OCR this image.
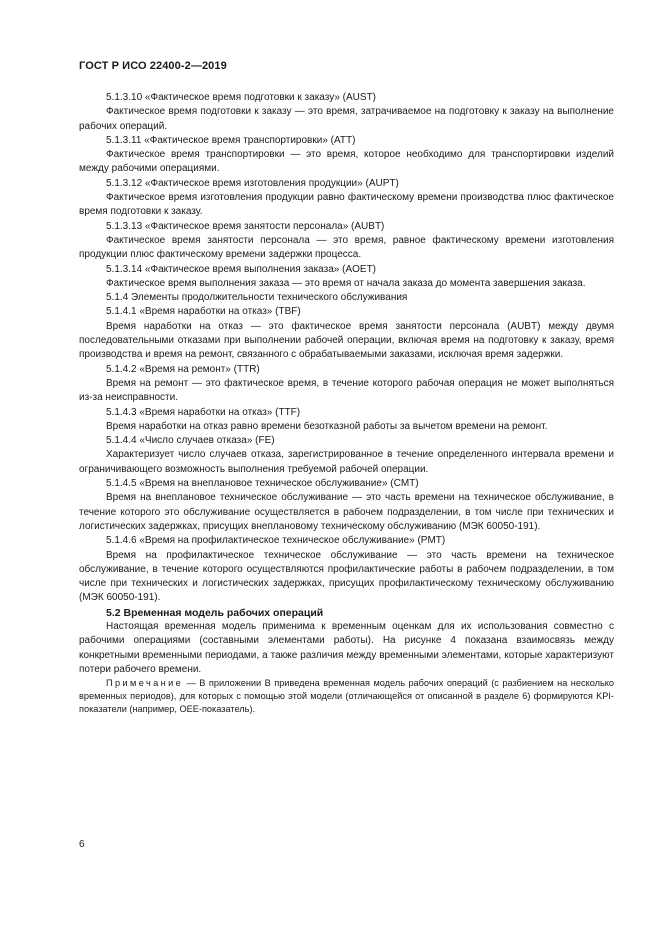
ГОСТ Р ИСО 22400-2—2019

5.1.3.10 «Фактическое время подготовки к заказу» (AUST)

Фактическое время подготовки к заказу — это время, затрачиваемое на подготовку к заказу на выполнение рабочих операций.

5.1.3.11 «Фактическое время транспортировки» (АТТ)

Фактическое время транспортировки — это время, которое необходимо для транспортировки изделий между рабочими операциями.

5.1.3.12 «Фактическое время изготовления продукции» (AUPT)

Фактическое время изготовления продукции равно фактическому времени производства плюс фактическое время подготовки к заказу.

5.1.3.13 «Фактическое время занятости персонала» (AUBT)

Фактическое время занятости персонала — это время, равное фактическому времени изготовления продукции плюс фактическому времени задержки процесса.

5.1.3.14 «Фактическое время выполнения заказа» (AOET)

Фактическое время выполнения заказа — это время от начала заказа до момента завершения заказа.

5.1.4 Элементы продолжительности технического обслуживания

5.1.4.1 «Время наработки на отказ» (TBF)

Время наработки на отказ — это фактическое время занятости персонала (AUBT) между двумя последовательными отказами при выполнении рабочей операции, включая время на подготовку к заказу, время производства и время на ремонт, связанного с обрабатываемыми заказами, исключая время задержки.

5.1.4.2 «Время на ремонт» (TTR)

Время на ремонт — это фактическое время, в течение которого рабочая операция не может выполняться из-за неисправности.

5.1.4.3 «Время наработки на отказ» (TTF)

Время наработки на отказ равно времени безотказной работы за вычетом времени на ремонт.

5.1.4.4 «Число случаев отказа» (FE)

Характеризует число случаев отказа, зарегистрированное в течение определенного интервала времени и ограничивающего возможность выполнения требуемой рабочей операции.

5.1.4.5 «Время на внеплановое техническое обслуживание» (CMT)

Время на внеплановое техническое обслуживание — это часть времени на техническое обслуживание, в течение которого это обслуживание осуществляется в рабочем подразделении, в том числе при технических и логистических задержках, присущих внеплановому техническому обслуживанию (МЭК 60050-191).

5.1.4.6 «Время на профилактическое техническое обслуживание» (PMT)

Время на профилактическое техническое обслуживание — это часть времени на техническое обслуживание, в течение которого осуществляются профилактические работы в рабочем подразделении, в том числе при технических и логистических задержках, присущих профилактическому техническому обслуживанию (МЭК 60050-191).

5.2 Временная модель рабочих операций

Настоящая временная модель применима к временным оценкам для их использования совместно с рабочими операциями (составными элементами работы). На рисунке 4 показана взаимосвязь между конкретными временными периодами, а также различия между временными элементами, которые характеризуют потери рабочего времени.

Примечание — В приложении В приведена временная модель рабочих операций (с разбиением на несколько временных периодов), для которых с помощью этой модели (отличающейся от описанной в разделе 6) формируются KPI-показатели (например, OEE-показатель).

6
